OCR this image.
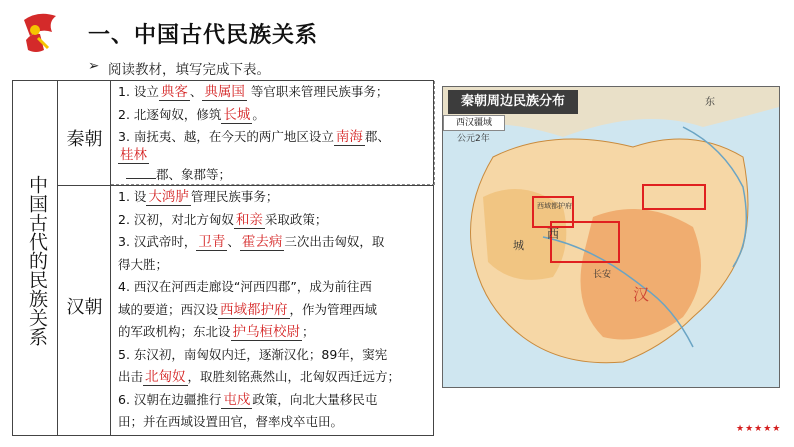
一、中国古代民族关系
➢ 阅读教材，填写完成下表。
中国古代的民族关系
秦朝
汉朝
1. 设立 典客 、 典属国 等官职来管理民族事务；
2. 北逐匈奴，修筑 长城 。
3. 南抚夷、越，在今天的两广地区设立 南海 郡、
桂林
郡、象郡等；
1. 设 大鸿胪 管理民族事务；
2. 汉初，对北方匈奴 和亲 采取政策；
3. 汉武帝时， 卫青 、 霍去病 三次出击匈奴，取
得大胜；
4. 西汉在河西走廊设“河西四郡”，成为前往西
域的要道；西汉设 西域都护府 ，作为管理西域
的军政机构；东北设 护乌桓校尉 ；
5. 东汉初，南匈奴内迁，逐渐汉化；89年，窦宪
出击 北匈奴 ，取胜刻铭燕然山，北匈奴西迁远方；
6. 汉朝在边疆推行 屯戍 政策，向北大量移民屯
田；并在西域设置田官，督率戍卒屯田。
西汉疆域
公元2年
西
城
汉
长安
西域都护府
东
秦朝周边民族分布
★★★★★
